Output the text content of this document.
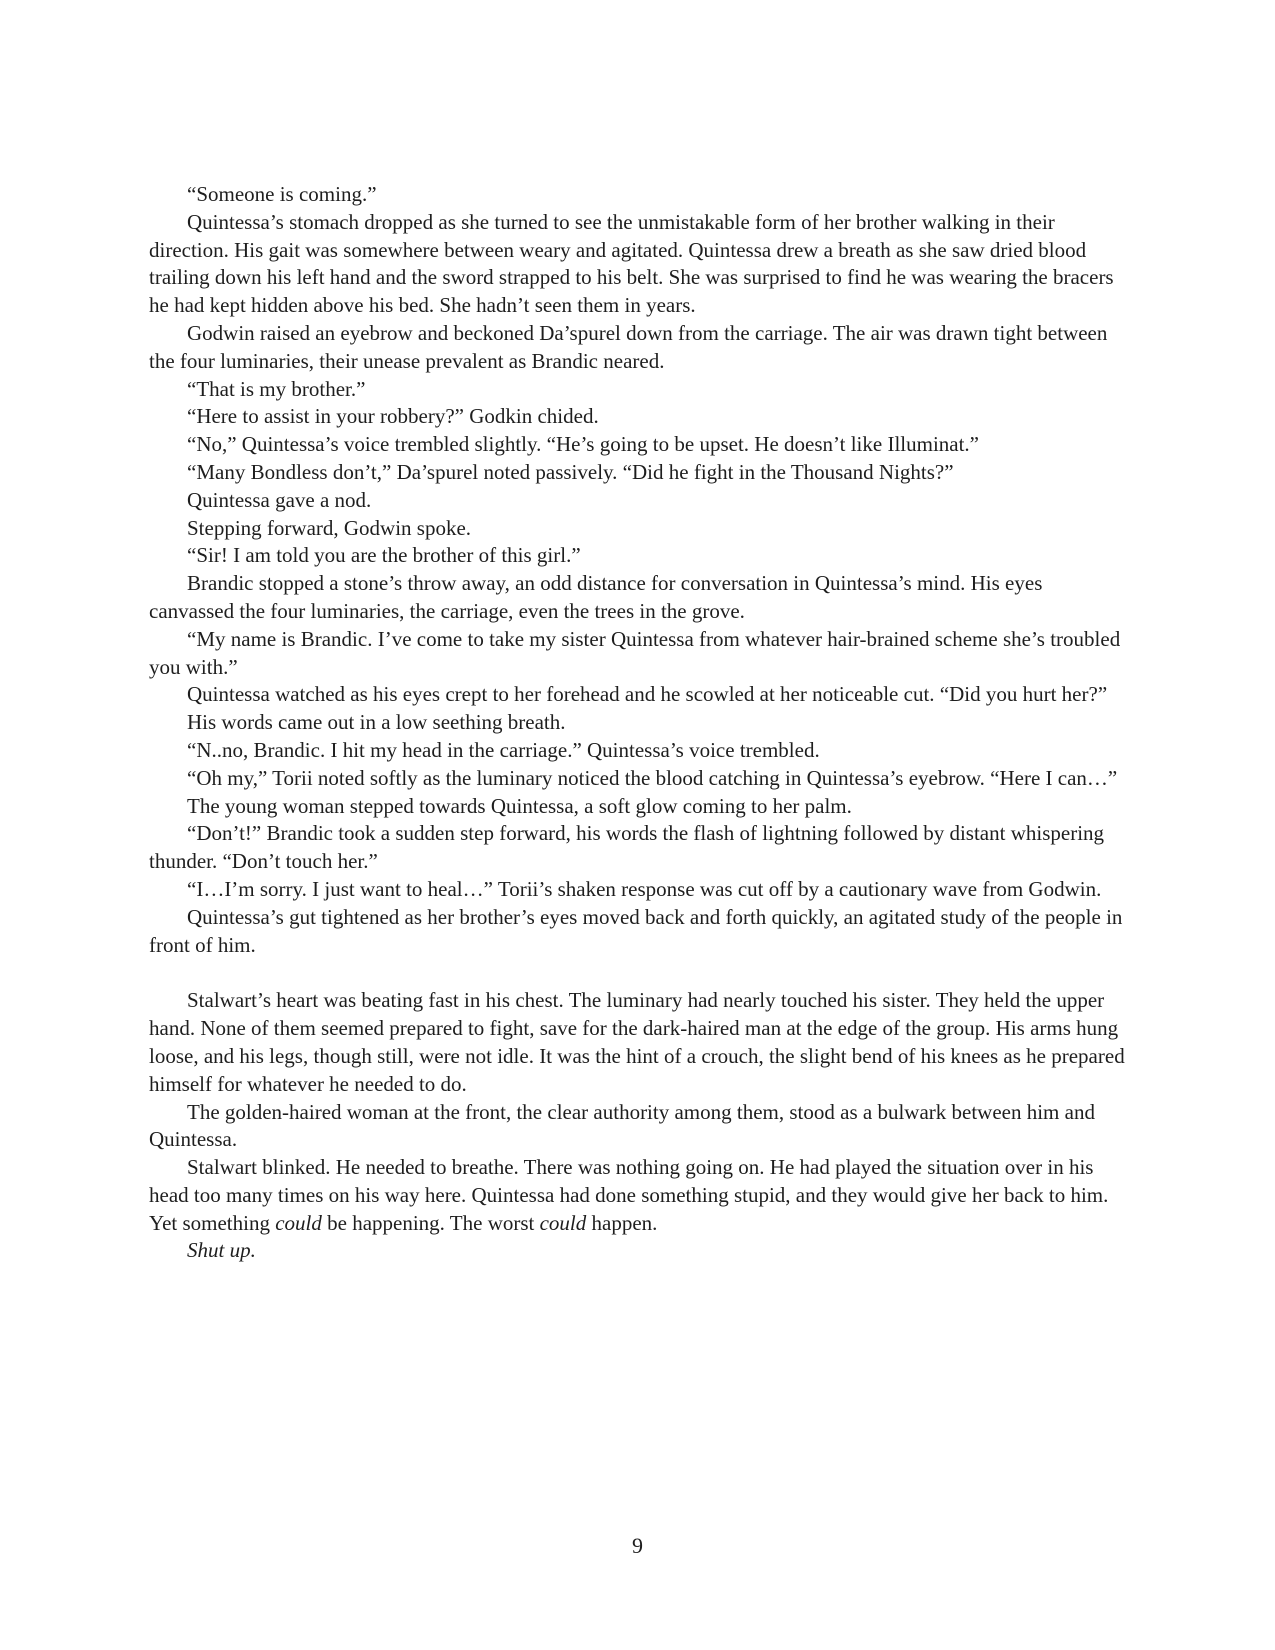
“Someone is coming.”

Quintessa’s stomach dropped as she turned to see the unmistakable form of her brother walking in their direction. His gait was somewhere between weary and agitated. Quintessa drew a breath as she saw dried blood trailing down his left hand and the sword strapped to his belt. She was surprised to find he was wearing the bracers he had kept hidden above his bed. She hadn’t seen them in years.

Godwin raised an eyebrow and beckoned Da’spurel down from the carriage. The air was drawn tight between the four luminaries, their unease prevalent as Brandic neared.

“That is my brother.”

“Here to assist in your robbery?” Godkin chided.

“No,” Quintessa’s voice trembled slightly. “He’s going to be upset. He doesn’t like Illuminat.”

“Many Bondless don’t,” Da’spurel noted passively. “Did he fight in the Thousand Nights?”

Quintessa gave a nod.

Stepping forward, Godwin spoke.

“Sir! I am told you are the brother of this girl.”

Brandic stopped a stone’s throw away, an odd distance for conversation in Quintessa’s mind. His eyes canvassed the four luminaries, the carriage, even the trees in the grove.

“My name is Brandic. I’ve come to take my sister Quintessa from whatever hair-brained scheme she’s troubled you with.”

Quintessa watched as his eyes crept to her forehead and he scowled at her noticeable cut. “Did you hurt her?”

His words came out in a low seething breath.

“N..no, Brandic. I hit my head in the carriage.” Quintessa’s voice trembled.

“Oh my,” Torii noted softly as the luminary noticed the blood catching in Quintessa’s eyebrow. “Here I can…”

The young woman stepped towards Quintessa, a soft glow coming to her palm.

“Don’t!” Brandic took a sudden step forward, his words the flash of lightning followed by distant whispering thunder. “Don’t touch her.”

“I…I’m sorry. I just want to heal…” Torii’s shaken response was cut off by a cautionary wave from Godwin.

Quintessa’s gut tightened as her brother’s eyes moved back and forth quickly, an agitated study of the people in front of him.

Stalwart’s heart was beating fast in his chest. The luminary had nearly touched his sister. They held the upper hand. None of them seemed prepared to fight, save for the dark-haired man at the edge of the group. His arms hung loose, and his legs, though still, were not idle. It was the hint of a crouch, the slight bend of his knees as he prepared himself for whatever he needed to do.

The golden-haired woman at the front, the clear authority among them, stood as a bulwark between him and Quintessa.

Stalwart blinked. He needed to breathe. There was nothing going on. He had played the situation over in his head too many times on his way here. Quintessa had done something stupid, and they would give her back to him. Yet something could be happening. The worst could happen.

Shut up.

9
